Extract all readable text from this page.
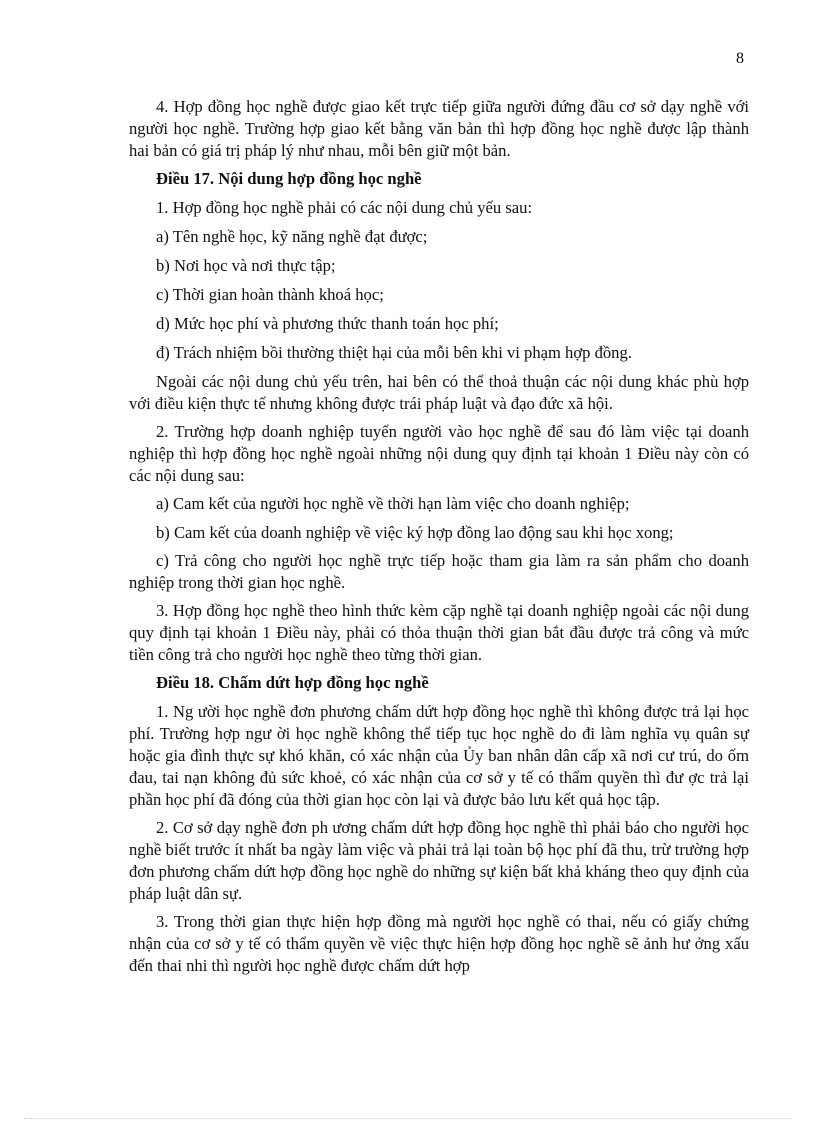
8

4. Hợp đồng học nghề được giao kết trực tiếp giữa người đứng đầu cơ sở dạy nghề với người học nghề. Trường hợp giao kết bằng văn bản thì hợp đồng học nghề được lập thành hai bản có giá trị pháp lý như nhau, mỗi bên giữ một bản.

Điều 17. Nội dung hợp đồng học nghề

1. Hợp đồng học nghề phải có các nội dung chủ yếu sau:

a) Tên nghề học, kỹ năng nghề đạt được;

b) Nơi học và nơi thực tập;

c) Thời gian hoàn thành khoá học;

d) Mức học phí và phương thức thanh toán học phí;

đ) Trách nhiệm bồi thường thiệt hại của mỗi bên khi vi phạm hợp đồng.

Ngoài các nội dung chủ yếu trên, hai bên có thể thoả thuận các nội dung khác phù hợp với điều kiện thực tế nhưng không được trái pháp luật và đạo đức xã hội.

2. Trường hợp doanh nghiệp tuyển người vào học nghề để sau đó làm việc tại doanh nghiệp thì hợp đồng học nghề ngoài những nội dung quy định tại khoản 1 Điều này còn có các nội dung sau:

a) Cam kết của người học nghề về thời hạn làm việc cho doanh nghiệp;

b) Cam kết của doanh nghiệp về việc ký hợp đồng lao động sau khi học xong;

c) Trả công cho người học nghề trực tiếp hoặc tham gia làm ra sản phẩm cho doanh nghiệp trong thời gian học nghề.

3. Hợp đồng học nghề theo hình thức kèm cặp nghề tại doanh nghiệp ngoài các nội dung quy định tại khoản 1 Điều này, phải có thỏa thuận thời gian bắt đầu được trả công và mức tiền công trả cho người học nghề theo từng thời gian.

Điều 18. Chấm dứt hợp đồng học nghề

1. Ng ười học nghề đơn phương chấm dứt hợp đồng học nghề thì không được trả lại học phí. Trường hợp ngư ời học nghề không thể tiếp tục học nghề do đi làm nghĩa vụ quân sự hoặc gia đình thực sự khó khăn, có xác nhận của Ủy ban nhân dân cấp xã nơi cư trú, do ốm đau, tai nạn không đủ sức khoẻ, có xác nhận của cơ sở y tế có thẩm quyền thì đư ợc trả lại phần học phí đã đóng của thời gian học còn lại và được bảo lưu kết quả học tập.

2. Cơ sở dạy nghề đơn ph ương chấm dứt hợp đồng học nghề thì phải báo cho người học nghề biết trước ít nhất ba ngày làm việc và phải trả lại toàn bộ học phí đã thu, trừ trường hợp đơn phương chấm dứt hợp đồng học nghề do những sự kiện bất khả kháng theo quy định của pháp luật dân sự.

3. Trong thời gian thực hiện hợp đồng mà người học nghề có thai, nếu có giấy chứng nhận của cơ sở y tế có thẩm quyền về việc thực hiện hợp đồng học nghề sẽ ảnh hư ởng xấu đến thai nhi thì người học nghề được chấm dứt hợp
